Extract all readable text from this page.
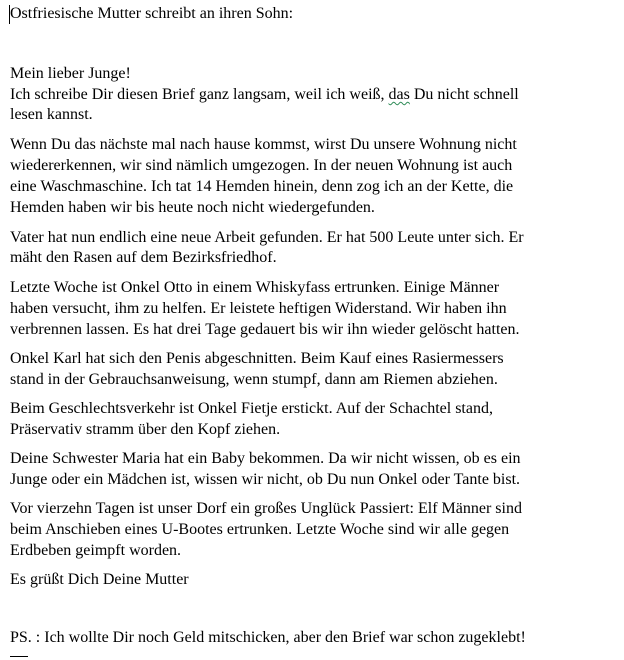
Ostfriesische Mutter schreibt an ihren Sohn:
Mein lieber Junge!
Ich schreibe Dir diesen Brief ganz langsam, weil ich weiß, das Du nicht schnell
lesen kannst.
Wenn Du das nächste mal nach hause kommst, wirst Du unsere Wohnung nicht
wiedererkennen, wir sind nämlich umgezogen. In der neuen Wohnung ist auch
eine Waschmaschine. Ich tat 14 Hemden hinein, denn zog ich an der Kette, die
Hemden haben wir bis heute noch nicht wiedergefunden.
Vater hat nun endlich eine neue Arbeit gefunden. Er hat 500 Leute unter sich. Er
mäht den Rasen auf dem Bezirksfriedhof.
Letzte Woche ist Onkel Otto in einem Whiskyfass ertrunken. Einige Männer
haben versucht, ihm zu helfen. Er leistete heftigen Widerstand. Wir haben ihn
verbrennen lassen. Es hat drei Tage gedauert bis wir ihn wieder gelöscht hatten.
Onkel Karl hat sich den Penis abgeschnitten. Beim Kauf eines Rasiermessers
stand in der Gebrauchsanweisung, wenn stumpf, dann am Riemen abziehen.
Beim Geschlechtsverkehr ist Onkel Fietje erstickt. Auf der Schachtel stand,
Präservativ stramm über den Kopf ziehen.
Deine Schwester Maria hat ein Baby bekommen. Da wir nicht wissen, ob es ein
Junge oder ein Mädchen ist, wissen wir nicht, ob Du nun Onkel oder Tante bist.
Vor vierzehn Tagen ist unser Dorf ein großes Unglück Passiert: Elf Männer sind
beim Anschieben eines U-Bootes ertrunken. Letzte Woche sind wir alle gegen
Erdbeben geimpft worden.
Es grüßt Dich Deine Mutter
PS. : Ich wollte Dir noch Geld mitschicken, aber den Brief war schon zugeklebt!
